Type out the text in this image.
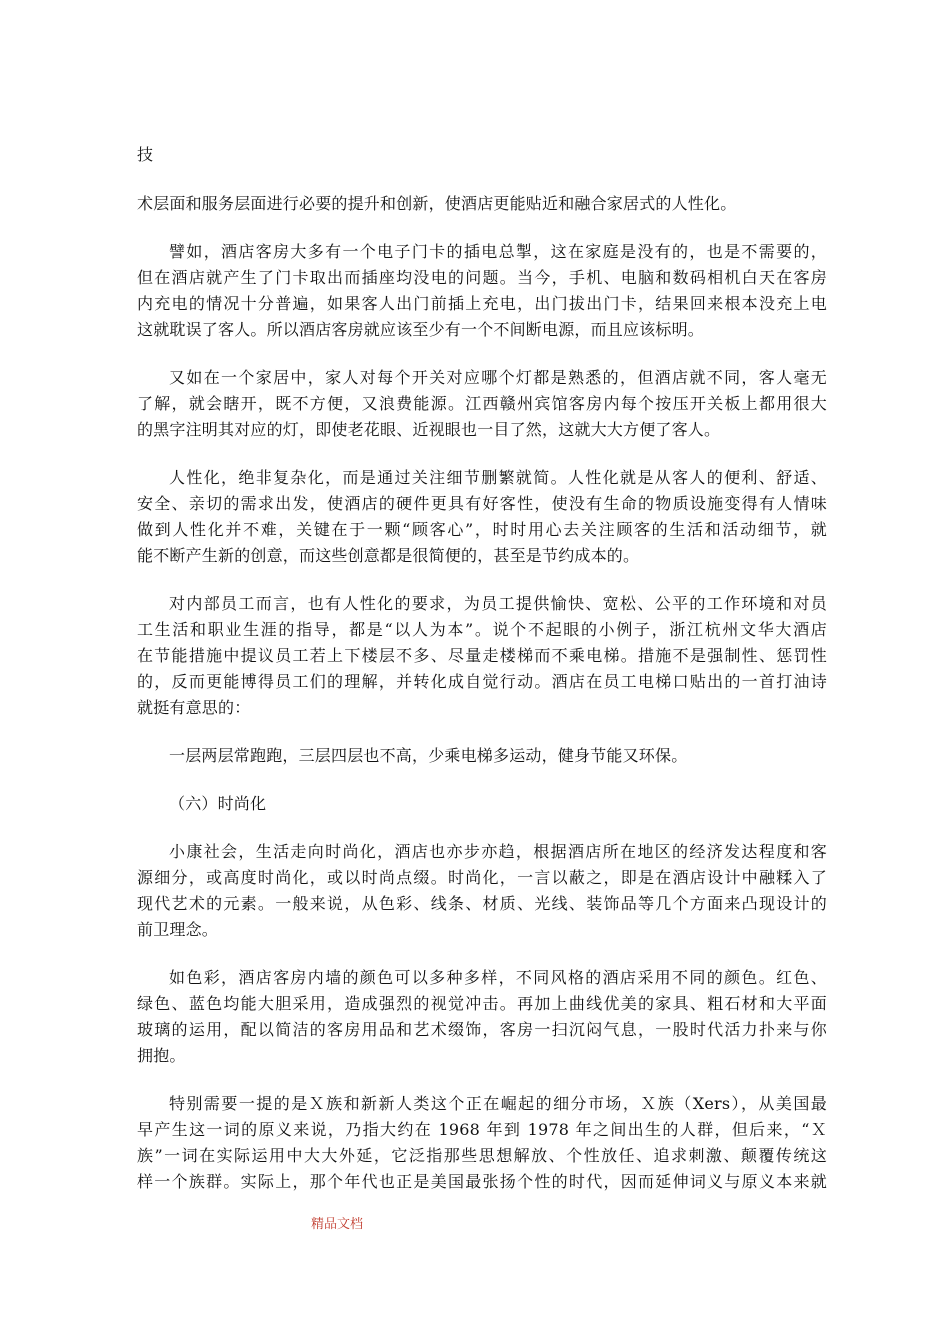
技
术层面和服务层面进行必要的提升和创新，使酒店更能贴近和融合家居式的人性化。
譬如，酒店客房大多有一个电子门卡的插电总掣，这在家庭是没有的，也是不需要的，
但在酒店就产生了门卡取出而插座均没电的问题。当今，手机、电脑和数码相机白天在客房
内充电的情况十分普遍，如果客人出门前插上充电，出门拔出门卡，结果回来根本没充上电
这就耽误了客人。所以酒店客房就应该至少有一个不间断电源，而且应该标明。
又如在一个家居中，家人对每个开关对应哪个灯都是熟悉的，但酒店就不同，客人毫无
了解，就会瞎开，既不方便，又浪费能源。江西赣州宾馆客房内每个按压开关板上都用很大
的黑字注明其对应的灯，即使老花眼、近视眼也一目了然，这就大大方便了客人。
人性化，绝非复杂化，而是通过关注细节删繁就简。人性化就是从客人的便利、舒适、
安全、亲切的需求出发，使酒店的硬件更具有好客性，使没有生命的物质设施变得有人情味
做到人性化并不难，关键在于一颗“顾客心”，时时用心去关注顾客的生活和活动细节，就
能不断产生新的创意，而这些创意都是很简便的，甚至是节约成本的。
对内部员工而言，也有人性化的要求，为员工提供愉快、宽松、公平的工作环境和对员
工生活和职业生涯的指导，都是“以人为本”。说个不起眼的小例子，浙江杭州文华大酒店
在节能措施中提议员工若上下楼层不多、尽量走楼梯而不乘电梯。措施不是强制性、惩罚性
的，反而更能博得员工们的理解，并转化成自觉行动。酒店在员工电梯口贴出的一首打油诗
就挺有意思的：
一层两层常跑跑，三层四层也不高，少乘电梯多运动，健身节能又环保。
（六）时尚化
小康社会，生活走向时尚化，酒店也亦步亦趋，根据酒店所在地区的经济发达程度和客
源细分，或高度时尚化，或以时尚点缀。时尚化，一言以蔽之，即是在酒店设计中融糅入了
现代艺术的元素。一般来说，从色彩、线条、材质、光线、装饰品等几个方面来凸现设计的
前卫理念。
如色彩，酒店客房内墙的颜色可以多种多样，不同风格的酒店采用不同的颜色。红色、
绿色、蓝色均能大胆采用，造成强烈的视觉冲击。再加上曲线优美的家具、粗石材和大平面
玻璃的运用，配以简洁的客房用品和艺术缀饰，客房一扫沉闷气息，一股时代活力扑来与你
拥抱。
特别需要一提的是Ｘ族和新新人类这个正在崛起的细分市场，Ｘ族（Xers），从美国最
早产生这一词的原义来说，乃指大约在 1968 年到 1978 年之间出生的人群，但后来，“Ｘ
族”一词在实际运用中大大外延，它泛指那些思想解放、个性放任、追求刺激、颠覆传统这
样一个族群。实际上，那个年代也正是美国最张扬个性的时代，因而延伸词义与原义本来就
精品文档
